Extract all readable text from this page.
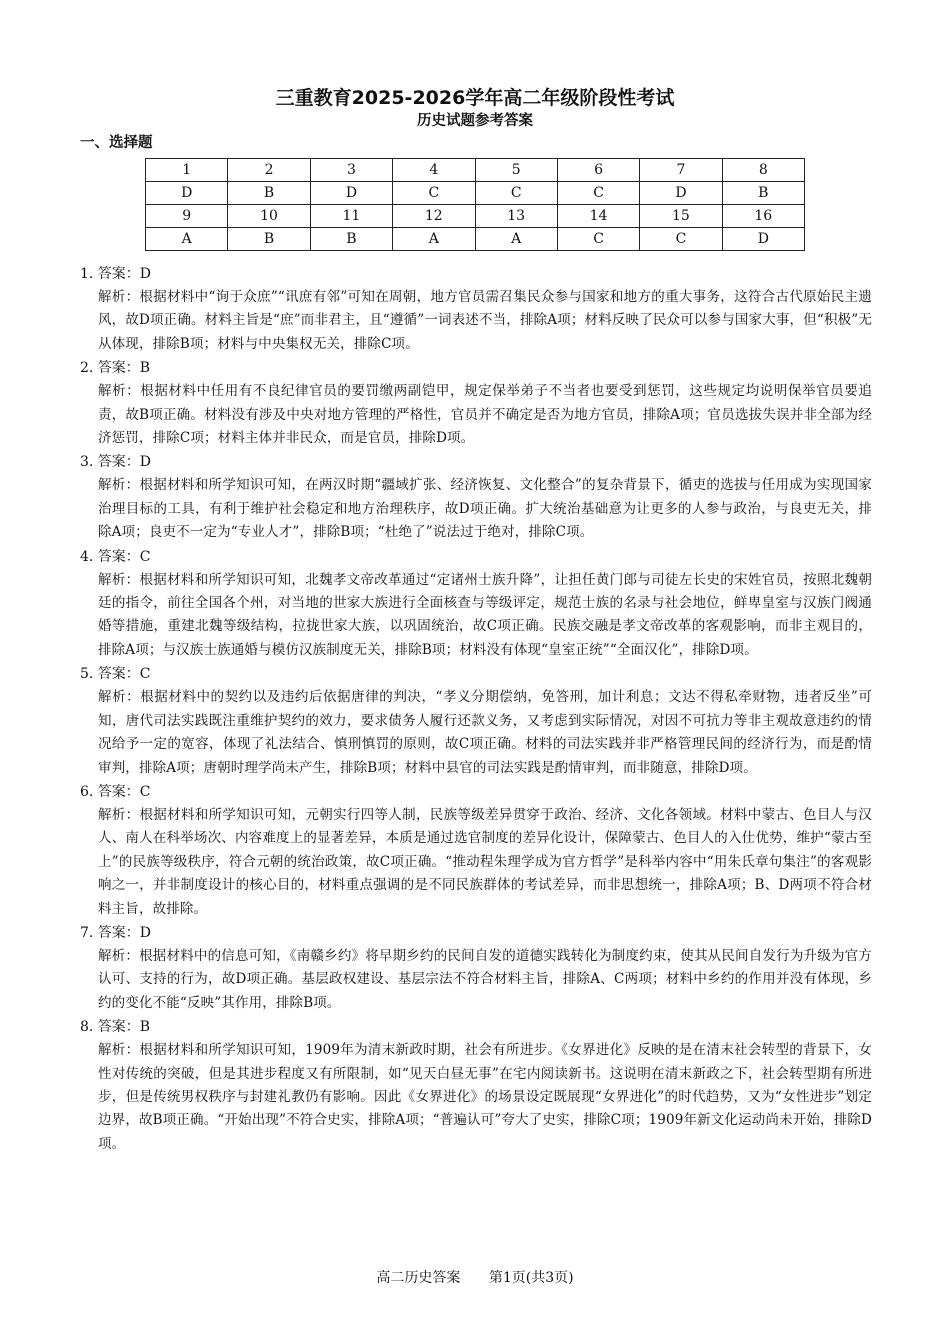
三重教育2025-2026学年高二年级阶段性考试
历史试题参考答案
一、选择题
1	2	3	4	5	6	7	8
D	B	D	C	C	C	D	B
9	10	11	12	13	14	15	16
A	B	B	A	A	C	C	D
1. 答案：D
解析：根据材料中“询于众庶”“讯庶有邻”可知在周朝，地方官员需召集民众参与国家和地方的重大事务，这符合古代原始民主遗风，故D项正确。材料主旨是“庶”而非君主，且“遵循”一词表述不当，排除A项；材料反映了民众可以参与国家大事，但“积极”无从体现，排除B项；材料与中央集权无关，排除C项。
2. 答案：B
解析：根据材料中任用有不良纪律官员的要罚缴两副铠甲，规定保举弟子不当者也要受到惩罚，这些规定均说明保举官员要追责，故B项正确。材料没有涉及中央对地方管理的严格性，官员并不确定是否为地方官员，排除A项；官员选拔失误并非全部为经济惩罚，排除C项；材料主体并非民众，而是官员，排除D项。
3. 答案：D
解析：根据材料和所学知识可知，在两汉时期“疆域扩张、经济恢复、文化整合”的复杂背景下，循吏的选拔与任用成为实现国家治理目标的工具，有利于维护社会稳定和地方治理秩序，故D项正确。扩大统治基础意为让更多的人参与政治，与良吏无关，排除A项；良吏不一定为“专业人才”，排除B项；“杜绝了”说法过于绝对，排除C项。
4. 答案：C
解析：根据材料和所学知识可知，北魏孝文帝改革通过“定诸州士族升降”，让担任黄门郎与司徒左长史的宋姓官员，按照北魏朝廷的指令，前往全国各个州，对当地的世家大族进行全面核查与等级评定，规范士族的名录与社会地位，鲜卑皇室与汉族门阀通婚等措施，重建北魏等级结构，拉拢世家大族，以巩固统治，故C项正确。民族交融是孝文帝改革的客观影响，而非主观目的，排除A项；与汉族士族通婚与模仿汉族制度无关，排除B项；材料没有体现“皇室正统”“全面汉化”，排除D项。
5. 答案：C
解析：根据材料中的契约以及违约后依据唐律的判决，“孝义分期偿纳，免答刑，加计利息；文达不得私牵财物，违者反坐”可知，唐代司法实践既注重维护契约的效力，要求债务人履行还款义务，又考虑到实际情况，对因不可抗力等非主观故意违约的情况给予一定的宽容，体现了礼法结合、慎刑慎罚的原则，故C项正确。材料的司法实践并非严格管理民间的经济行为，而是酌情审判，排除A项；唐朝时理学尚未产生，排除B项；材料中县官的司法实践是酌情审判，而非随意，排除D项。
6. 答案：C
解析：根据材料和所学知识可知，元朝实行四等人制，民族等级差异贯穿于政治、经济、文化各领域。材料中蒙古、色目人与汉人、南人在科举场次、内容难度上的显著差异，本质是通过选官制度的差异化设计，保障蒙古、色目人的入仕优势，维护“蒙古至上”的民族等级秩序，符合元朝的统治政策，故C项正确。“推动程朱理学成为官方哲学”是科举内容中“用朱氏章句集注”的客观影响之一，并非制度设计的核心目的，材料重点强调的是不同民族群体的考试差异，而非思想统一，排除A项；B、D两项不符合材料主旨，故排除。
7. 答案：D
解析：根据材料中的信息可知，《南赣乡约》将早期乡约的民间自发的道德实践转化为制度约束，使其从民间自发行为升级为官方认可、支持的行为，故D项正确。基层政权建设、基层宗法不符合材料主旨，排除A、C两项；材料中乡约的作用并没有体现，乡约的变化不能“反映”其作用，排除B项。
8. 答案：B
解析：根据材料和所学知识可知，1909年为清末新政时期，社会有所进步。《女界进化》反映的是在清末社会转型的背景下，女性对传统的突破，但是其进步程度又有所限制，如“见天白昼无事”在宅内阅读新书。这说明在清末新政之下，社会转型期有所进步，但是传统男权秩序与封建礼教仍有影响。因此《女界进化》的场景设定既展现“女界进化”的时代趋势，又为“女性进步”划定边界，故B项正确。“开始出现”不符合史实，排除A项；“普遍认可”夸大了史实，排除C项；1909年新文化运动尚未开始，排除D项。
高二历史答案 第1页(共3页)
